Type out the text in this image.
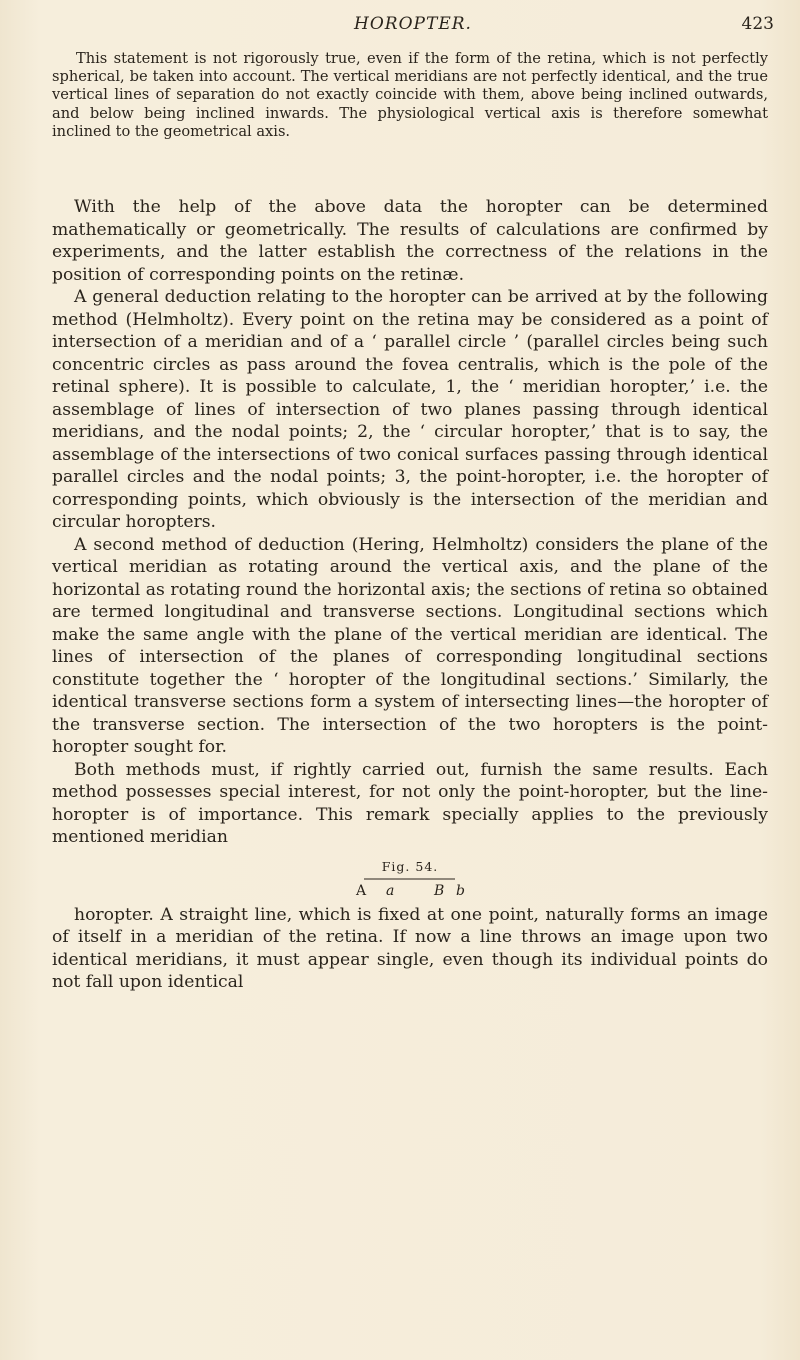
HOROPTER.	423
This statement is not rigorously true, even if the form of the retina, which is not perfectly spherical, be taken into account. The vertical meridians are not perfectly identical, and the true vertical lines of separation do not exactly coincide with them, above being inclined outwards, and below being inclined inwards. The physiological vertical axis is therefore somewhat inclined to the geometrical axis.

With the help of the above data the horopter can be determined mathematically or geometrically. The results of calculations are confirmed by experiments, and the latter establish the correctness of the relations in the position of corresponding points on the retinæ.

A general deduction relating to the horopter can be arrived at by the following method (Helmholtz). Every point on the retina may be considered as a point of intersection of a meridian and of a ‘ parallel circle ’ (parallel circles being such concentric circles as pass around the fovea centralis, which is the pole of the retinal sphere). It is possible to calculate, 1, the ‘ meridian horopter,’ i.e. the assemblage of lines of intersection of two planes passing through identical meridians, and the nodal points; 2, the ‘ circular horopter,’ that is to say, the assemblage of the intersections of two conical surfaces passing through identical parallel circles and the nodal points; 3, the point-horopter, i.e. the horopter of corresponding points, which obviously is the intersection of the meridian and circular horopters.

A second method of deduction (Hering, Helmholtz) considers the plane of the vertical meridian as rotating around the vertical axis, and the plane of the horizontal as rotating round the horizontal axis; the sections of retina so obtained are termed longitudinal and transverse sections. Longitudinal sections which make the same angle with the plane of the vertical meridian are identical. The lines of intersection of the planes of corresponding longitudinal sections constitute together the ‘ horopter of the longitudinal sections.’ Similarly, the identical transverse sections form a system of intersecting lines—the horopter of the transverse section. The intersection of the two horopters is the point-horopter sought for.

Both methods must, if rightly carried out, furnish the same results. Each method possesses special interest, for not only the point-horopter, but the line-horopter is of importance. This remark specially applies to the previously mentioned meridian

Fig. 54.
A a	B b

horopter. A straight line, which is fixed at one point, naturally forms an image of itself in a meridian of the retina. If now a line throws an image upon two identical meridians, it must appear single, even though its individual points do not fall upon identical
